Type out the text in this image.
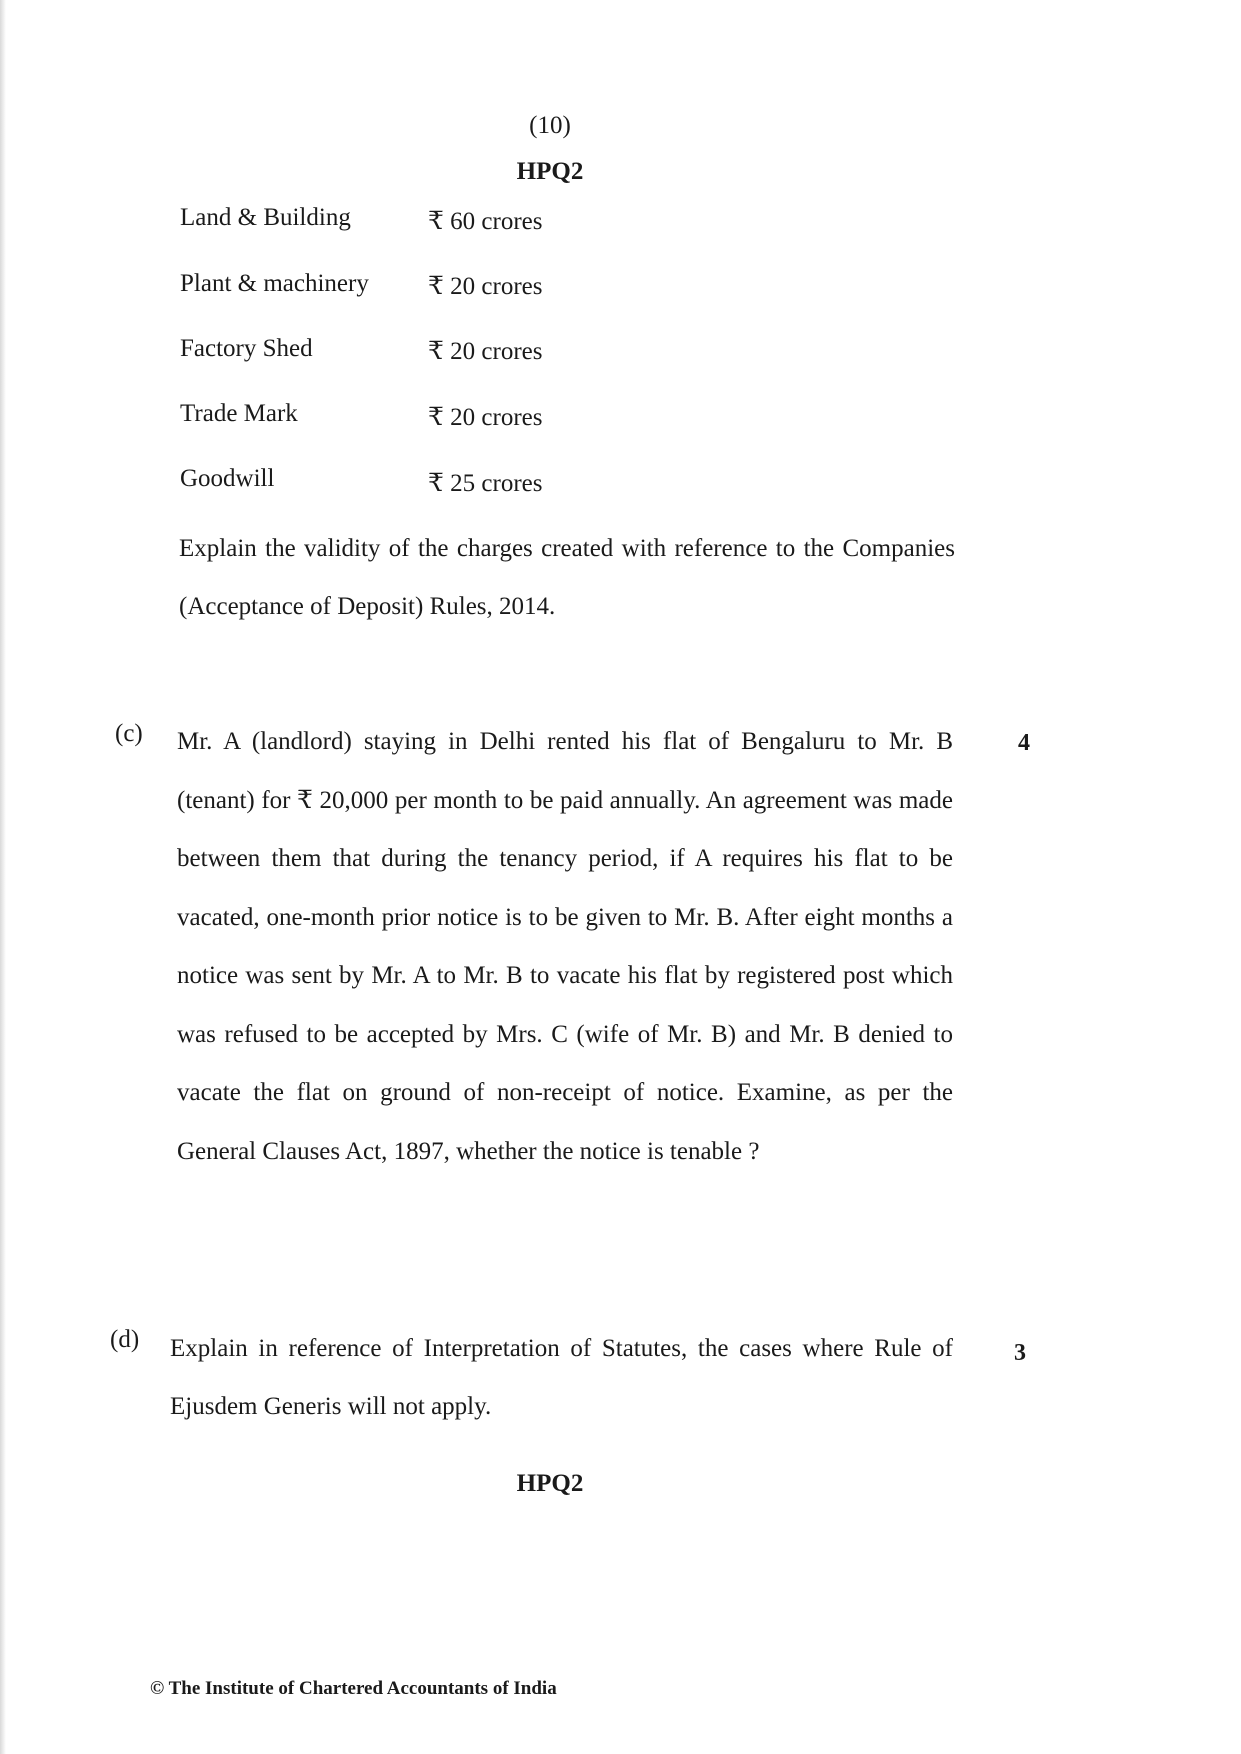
(10)
HPQ2
Land & Building	₹ 60 crores
Plant & machinery ₹ 20 crores
Factory Shed	₹ 20 crores
Trade Mark	₹ 20 crores
Goodwill	₹ 25 crores
Explain the validity of the charges created with reference to the Companies (Acceptance of Deposit) Rules, 2014.
(c) Mr. A (landlord) staying in Delhi rented his flat of Bengaluru to Mr. B (tenant) for ₹ 20,000 per month to be paid annually. An agreement was made between them that during the tenancy period, if A requires his flat to be vacated, one-month prior notice is to be given to Mr. B. After eight months a notice was sent by Mr. A to Mr. B to vacate his flat by registered post which was refused to be accepted by Mrs. C (wife of Mr. B) and Mr. B denied to vacate the flat on ground of non-receipt of notice. Examine, as per the General Clauses Act, 1897, whether the notice is tenable ?
4
(d) Explain in reference of Interpretation of Statutes, the cases where Rule of Ejusdem Generis will not apply.
3
HPQ2
© The Institute of Chartered Accountants of India
